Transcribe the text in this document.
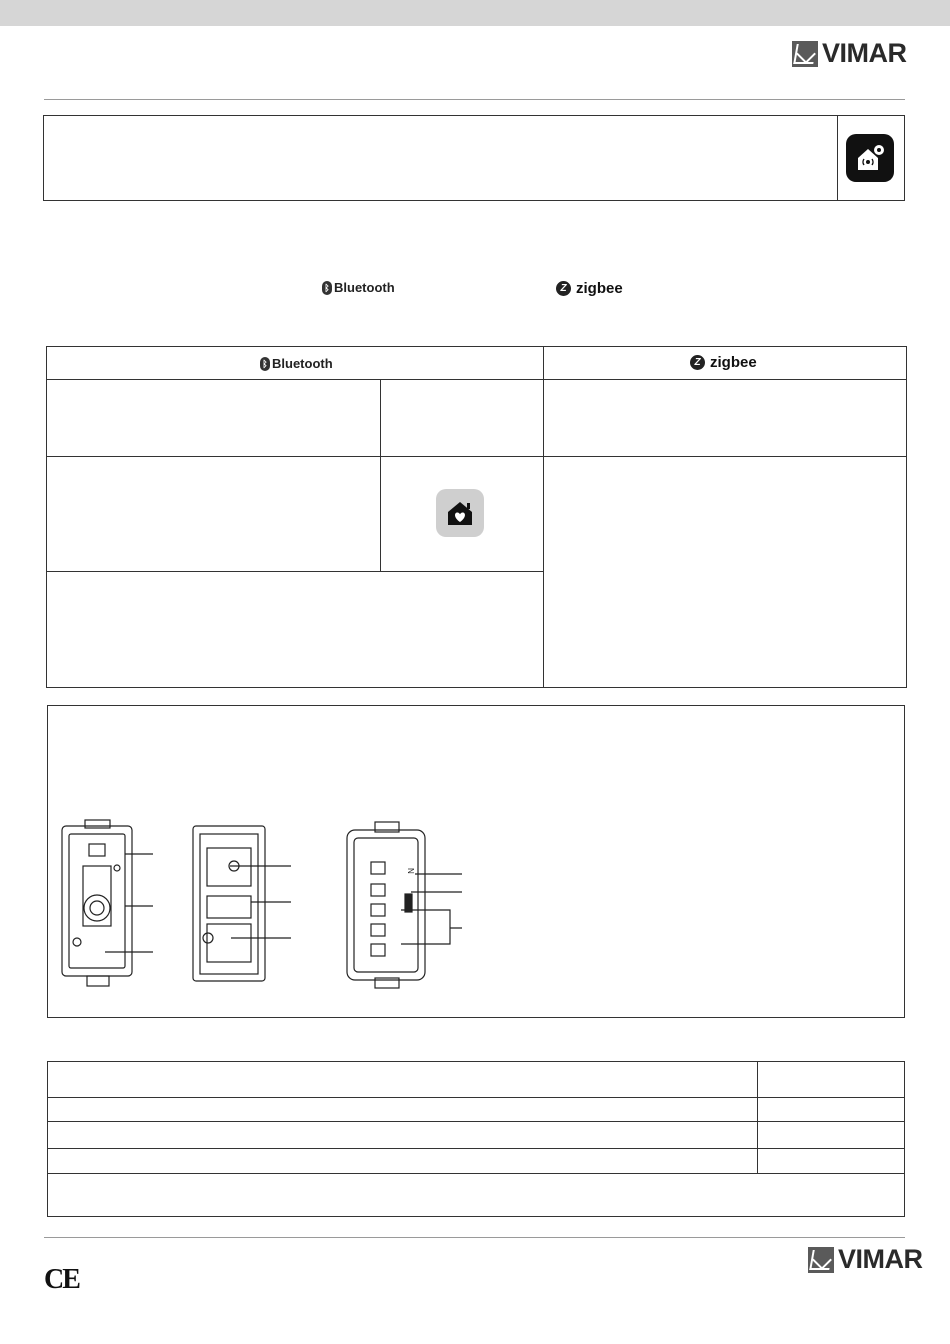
VIMAR
ᛒ Bluetooth	Z zigbee
ᛒ Bluetooth	Z zigbee
N
CE
VIMAR
